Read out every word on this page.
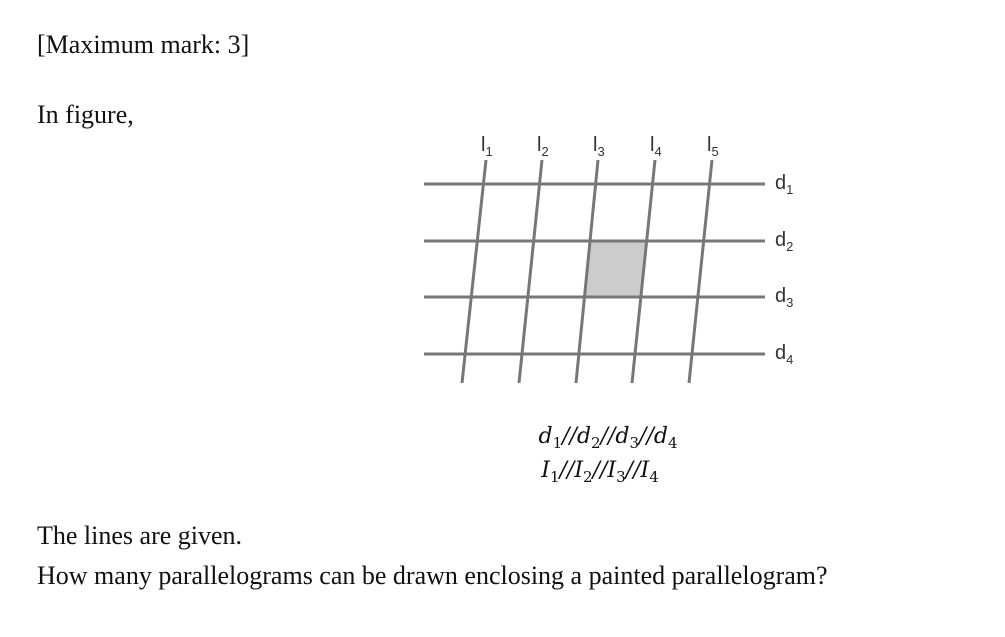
[Maximum mark: 3]
In figure,
$l_1$ $l_2$ $l_3$ $l_4$ $l_5$
$d_1$
$d_2$
$d_3$
$d_4$
$d_1//d_2//d_3//d_4$
$I_1//I_2//I_3//I_4$
The lines are given.
How many parallelograms can be drawn enclosing a painted parallelogram?
